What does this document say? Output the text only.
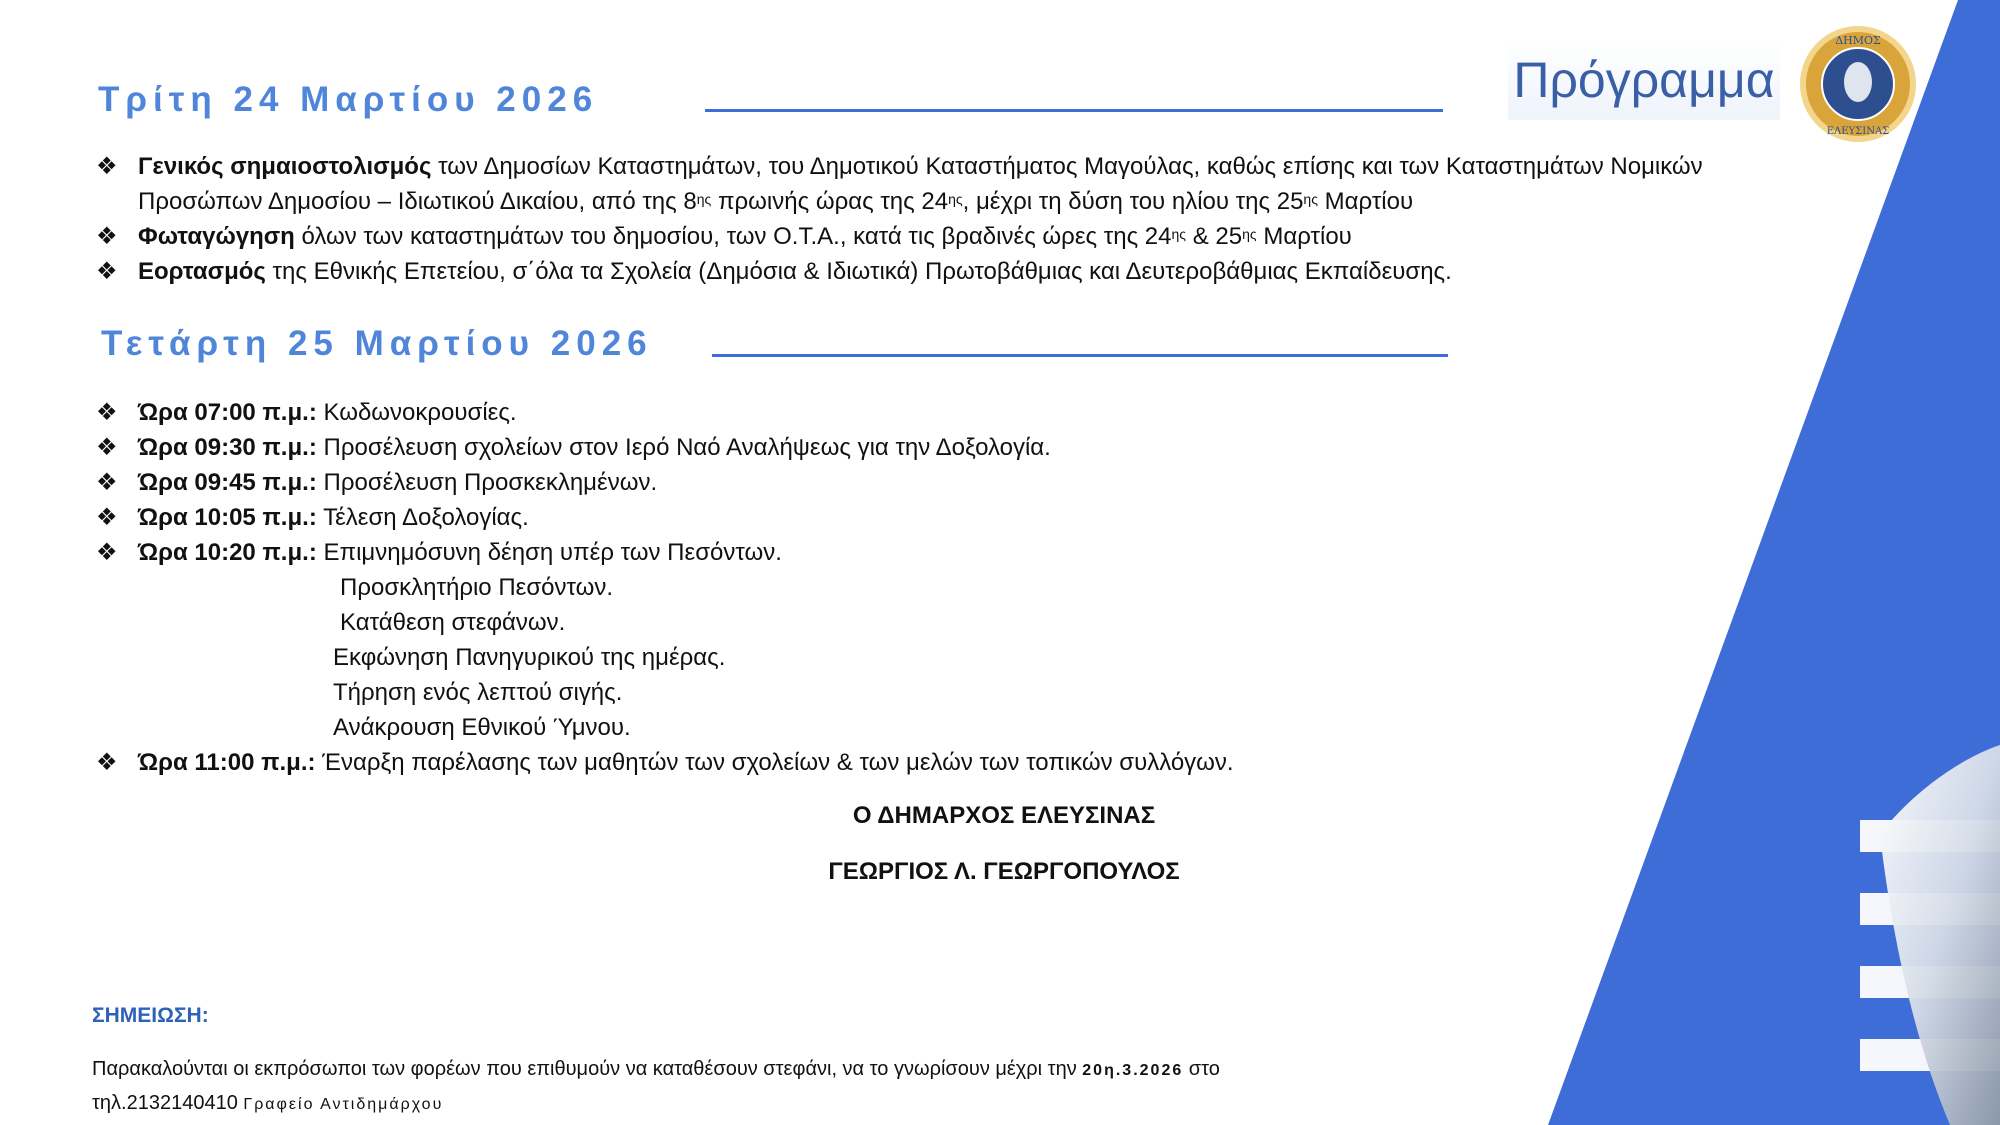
Πρόγραμμα
ΔΗΜΟΣ
ΕΛΕΥΣΙΝΑΣ
Τρίτη 24 Μαρτίου 2026
❖ Γενικός σημαιοστολισμός των Δημοσίων Καταστημάτων, του Δημοτικού Καταστήματος Μαγούλας, καθώς επίσης και των Καταστημάτων Νομικών
Προσώπων Δημοσίου – Ιδιωτικού Δικαίου, από της $8^{\eta\varsigma}$ πρωινής ώρας της $24^{\eta\varsigma}$, μέχρι τη δύση του ηλίου της $25^{\eta\varsigma}$ Μαρτίου
❖ Φωταγώγηση όλων των καταστημάτων του δημοσίου, των Ο.Τ.Α., κατά τις βραδινές ώρες της $24^{\eta\varsigma}$ & $25^{\eta\varsigma}$ Μαρτίου
❖ Εορτασμός της Εθνικής Επετείου, σ΄όλα τα Σχολεία (Δημόσια & Ιδιωτικά) Πρωτοβάθμιας και Δευτεροβάθμιας Εκπαίδευσης.
Τετάρτη 25 Μαρτίου 2026
❖ Ώρα 07:00 π.μ.: Κωδωνοκρουσίες.
❖ Ώρα 09:30 π.μ.: Προσέλευση σχολείων στον Ιερό Ναό Αναλήψεως για την Δοξολογία.
❖ Ώρα 09:45 π.μ.: Προσέλευση Προσκεκλημένων.
❖ Ώρα 10:05 π.μ.: Τέλεση Δοξολογίας.
❖ Ώρα 10:20 π.μ.: Επιμνημόσυνη δέηση υπέρ των Πεσόντων.
Προσκλητήριο Πεσόντων.
Κατάθεση στεφάνων.
Εκφώνηση Πανηγυρικού της ημέρας.
Τήρηση ενός λεπτού σιγής.
Ανάκρουση Εθνικού Ύμνου.
❖ Ώρα 11:00 π.μ.: Έναρξη παρέλασης των μαθητών των σχολείων & των μελών των τοπικών συλλόγων.
Ο ΔΗΜΑΡΧΟΣ ΕΛΕΥΣΙΝΑΣ
ΓΕΩΡΓΙΟΣ Λ. ΓΕΩΡΓΟΠΟΥΛΟΣ
ΣΗΜΕΙΩΣΗ:
Παρακαλούνται οι εκπρόσωποι των φορέων που επιθυμούν να καταθέσουν στεφάνι, να το γνωρίσουν μέχρι την 20η.3.2026 στο
τηλ.2132140410 Γραφείο Αντιδημάρχου
